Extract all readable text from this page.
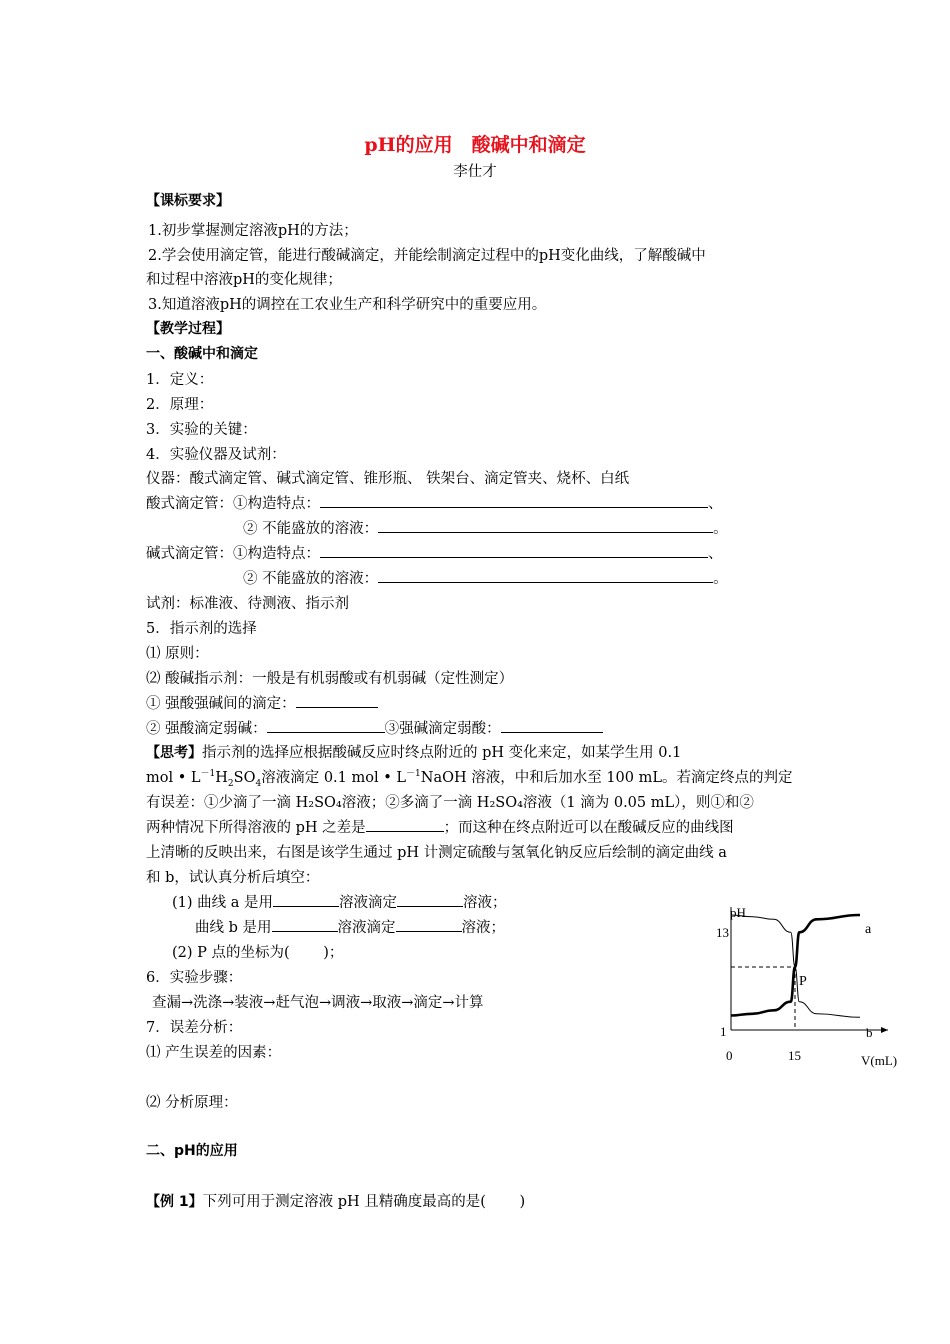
pH的应用　酸碱中和滴定
李仕才
【课标要求】
1.初步掌握测定溶液pH的方法；
2.学会使用滴定管，能进行酸碱滴定，并能绘制滴定过程中的pH变化曲线，了解酸碱中
和过程中溶液pH的变化规律；
3.知道溶液pH的调控在工农业生产和科学研究中的重要应用。
【教学过程】
一、酸碱中和滴定
1．定义：
2．原理：
3．实验的关键：
4．实验仪器及试剂：
仪器：酸式滴定管、碱式滴定管、锥形瓶、 铁架台、滴定管夹、烧杯、白纸
酸式滴定管：①构造特点：	、
② 不能盛放的溶液：	。
碱式滴定管：①构造特点：	、
② 不能盛放的溶液：	。
试剂：标准液、待测液、指示剂
5．指示剂的选择
⑴ 原则：
⑵ 酸碱指示剂：一般是有机弱酸或有机弱碱（定性测定）
① 强酸强碱间的滴定：
② 强酸滴定弱碱：	③强碱滴定弱酸：
【思考】指示剂的选择应根据酸碱反应时终点附近的 pH 变化来定，如某学生用 0.1
mol • $L^{-1}H_2SO_4$溶液滴定 0.1 mol • $L^{-1}NaOH$ 溶液，中和后加水至 100 mL。若滴定终点的判定
有误差：①少滴了一滴 H₂SO₄溶液；②多滴了一滴 H₂SO₄溶液（1 滴为 0.05 mL），则①和②
两种情况下所得溶液的 pH 之差是	；而这种在终点附近可以在酸碱反应的曲线图
上清晰的反映出来，右图是该学生通过 pH 计测定硫酸与氢氧化钠反应后绘制的滴定曲线 a
和 b，试认真分析后填空：
(1) 曲线 a 是用	溶液滴定	溶液；
曲线 b 是用	溶液滴定	溶液；
(2) P 点的坐标为(　　 )；
6．实验步骤：
查漏→洗涤→装液→赶气泡→调液→取液→滴定→计算
7．误差分析：
⑴ 产生误差的因素：
⑵ 分析原理：
二、pH的应用
【例 1】下列可用于测定溶液 pH 且精确度最高的是(　　 )
pH
V(mL)
13
1
0	15
a
b
P
